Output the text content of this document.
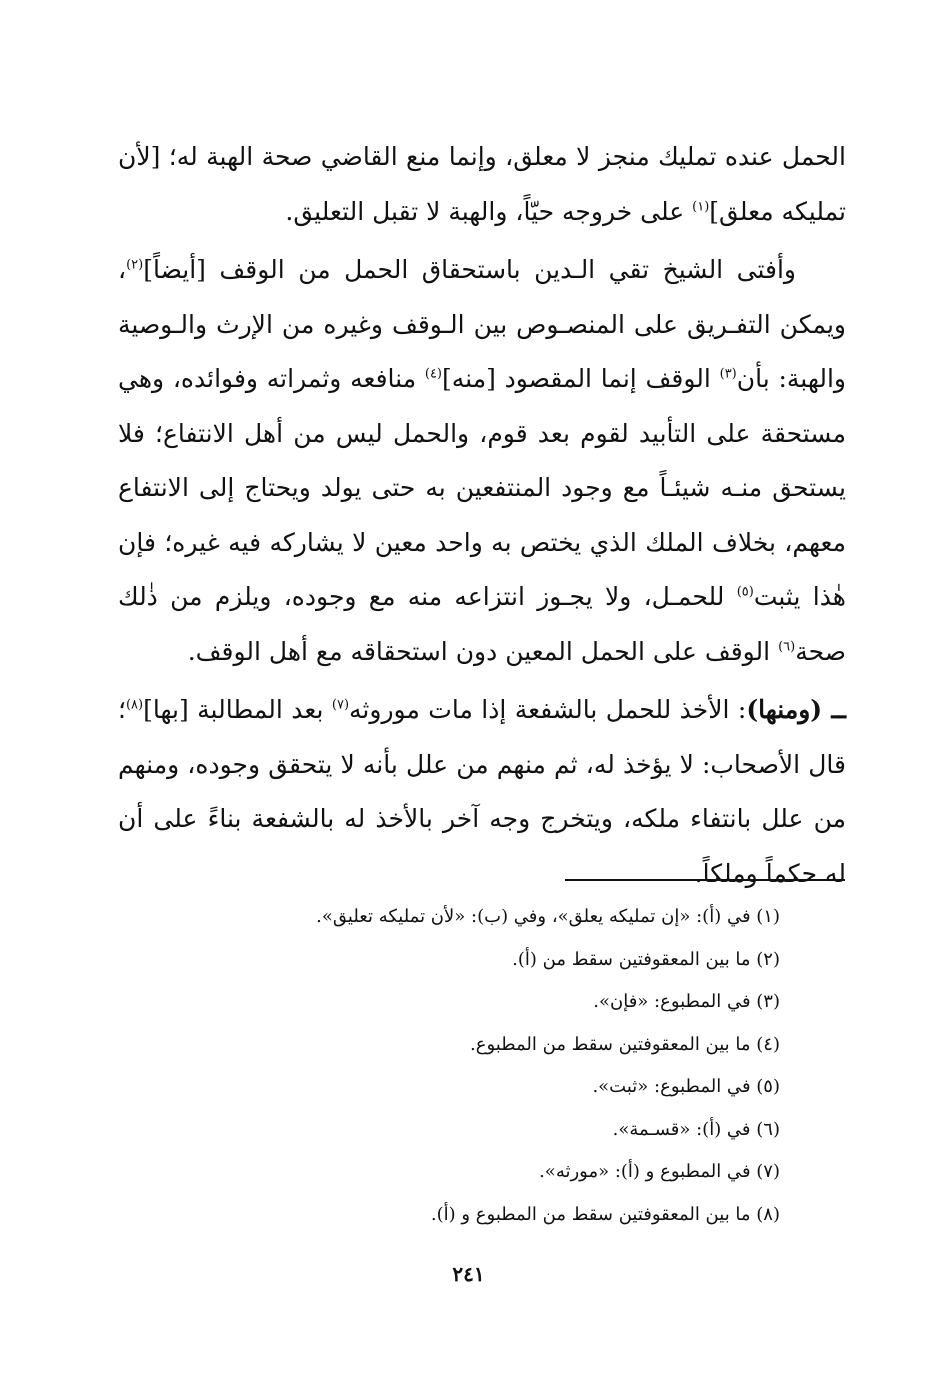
الحمل عنده تمليك منجز لا معلق، وإنما منع القاضي صحة الهبة له؛ [لأن تمليكه معلق]$^{(١)}$ على خروجه حيّاً، والهبة لا تقبل التعليق.

وأفتى الشيخ تقي الـدين باستحقاق الحمل من الوقف [أيضاً]$^{(٢)}$، ويمكن التفـريق على المنصـوص بين الـوقف وغيره من الإرث والـوصية والهبة: بأن$^{(٣)}$ الوقف إنما المقصود [منه]$^{(٤)}$ منافعه وثمراته وفوائده، وهي مستحقة على التأبيد لقوم بعد قوم، والحمل ليس من أهل الانتفاع؛ فلا يستحق منـه شيئـاً مع وجود المنتفعين به حتى يولد ويحتاج إلى الانتفاع معهم، بخلاف الملك الذي يختص به واحد معين لا يشاركه فيه غيره؛ فإن هٰذا يثبت$^{(٥)}$ للحمـل، ولا يجـوز انتزاعه منه مع وجوده، ويلزم من ذٰلك صحة$^{(٦)}$ الوقف على الحمل المعين دون استحقاقه مع أهل الوقف.

ــ (ومنها): الأخذ للحمل بالشفعة إذا مات موروثه$^{(٧)}$ بعد المطالبة [بها]$^{(٨)}$؛ قال الأصحاب: لا يؤخذ له، ثم منهم من علل بأنه لا يتحقق وجوده، ومنهم من علل بانتفاء ملكه، ويتخرج وجه آخر بالأخذ له بالشفعة بناءً على أن له حكماً وملكاً.

(١) في (أ): «إن تمليكه يعلق»، وفي (ب): «لأن تمليكه تعليق».
(٢) ما بين المعقوفتين سقط من (أ).
(٣) في المطبوع: «فإن».
(٤) ما بين المعقوفتين سقط من المطبوع.
(٥) في المطبوع: «ثبت».
(٦) في (أ): «قسـمة».
(٧) في المطبوع و (أ): «مورثه».
(٨) ما بين المعقوفتين سقط من المطبوع و (أ).
٢٤١
